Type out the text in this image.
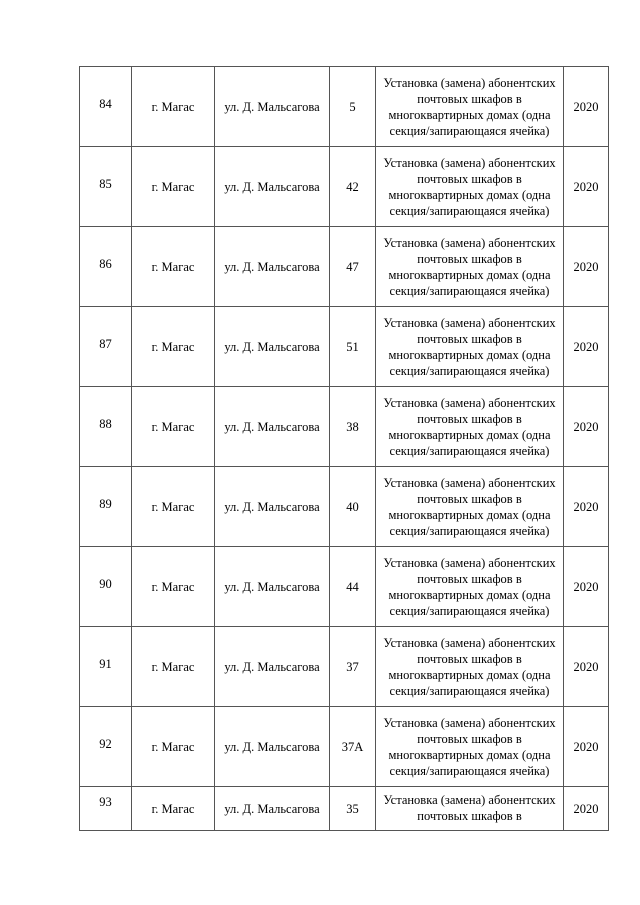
84	г. Магас	ул. Д. Мальсагова	5	Установка (замена) абонентских
почтовых шкафов в
многоквартирных домах (одна
секция/запирающаяся ячейка)	2020
85	г. Магас	ул. Д. Мальсагова	42	Установка (замена) абонентских
почтовых шкафов в
многоквартирных домах (одна
секция/запирающаяся ячейка)	2020
86	г. Магас	ул. Д. Мальсагова	47	Установка (замена) абонентских
почтовых шкафов в
многоквартирных домах (одна
секция/запирающаяся ячейка)	2020
87	г. Магас	ул. Д. Мальсагова	51	Установка (замена) абонентских
почтовых шкафов в
многоквартирных домах (одна
секция/запирающаяся ячейка)	2020
88	г. Магас	ул. Д. Мальсагова	38	Установка (замена) абонентских
почтовых шкафов в
многоквартирных домах (одна
секция/запирающаяся ячейка)	2020
89	г. Магас	ул. Д. Мальсагова	40	Установка (замена) абонентских
почтовых шкафов в
многоквартирных домах (одна
секция/запирающаяся ячейка)	2020
90	г. Магас	ул. Д. Мальсагова	44	Установка (замена) абонентских
почтовых шкафов в
многоквартирных домах (одна
секция/запирающаяся ячейка)	2020
91	г. Магас	ул. Д. Мальсагова	37	Установка (замена) абонентских
почтовых шкафов в
многоквартирных домах (одна
секция/запирающаяся ячейка)	2020
92	г. Магас	ул. Д. Мальсагова	37А	Установка (замена) абонентских
почтовых шкафов в
многоквартирных домах (одна
секция/запирающаяся ячейка)	2020
93	г. Магас	ул. Д. Мальсагова	35	Установка (замена) абонентских
почтовых шкафов в	2020
